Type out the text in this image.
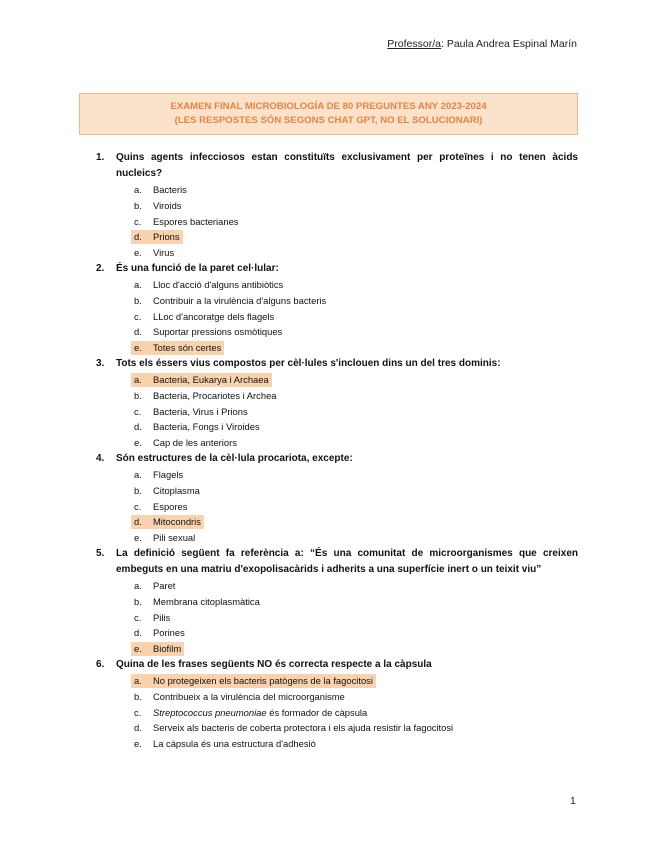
Professor/a: Paula Andrea Espinal Marín
EXAMEN FINAL MICROBIOLOGÍA DE 80 PREGUNTES ANY 2023-2024
(LES RESPOSTES SÓN SEGONS CHAT GPT, NO EL SOLUCIONARI)
1. Quins agents infecciosos estan constituïts exclusivament per proteïnes i no tenen àcids nucleics?
a.	Bacteris
b.	Viroids
c.	Espores bacterianes
d.	Prions
e.	Virus
2. És una funció de la paret cel·lular:
a.	Lloc d'acció d'alguns antibiòtics
b.	Contribuir a la virulència d'alguns bacteris
c.	LLoc d'ancoratge dels flagels
d.	Suportar pressions osmòtiques
e.	Totes són certes
3. Tots els éssers vius compostos per cèl·lules s'inclouen dins un del tres dominis:
a.	Bacteria, Eukarya i Archaea
b.	Bacteria, Procariotes i Archea
c.	Bacteria, Virus i Prions
d.	Bacteria, Fongs i Viroides
e.	Cap de les anteriors
4. Són estructures de la cèl·lula procariota, excepte:
a.	Flagels
b.	Citoplasma
c.	Espores
d.	Mitocondris
e.	Pili sexual
5. La definició següent fa referència a: “És una comunitat de microorganismes que creixen embeguts en una matriu d'exopolisacàrids i adherits a una superfície inert o un teixit viu”
a.	Paret
b.	Membrana citoplasmàtica
c.	Pilis
d.	Porines
e.	Biofilm
6. Quina de les frases següents NO és correcta respecte a la càpsula
a.	No protegeixen els bacteris patògens de la fagocitosi
b.	Contribueix a la virulència del microorganisme
c.	Streptococcus pneumoniae és formador de càpsula
d.	Serveix als bacteris de coberta protectora i els ajuda resistir la fagocitosi
e.	La càpsula és una estructura d'adhesió
1
